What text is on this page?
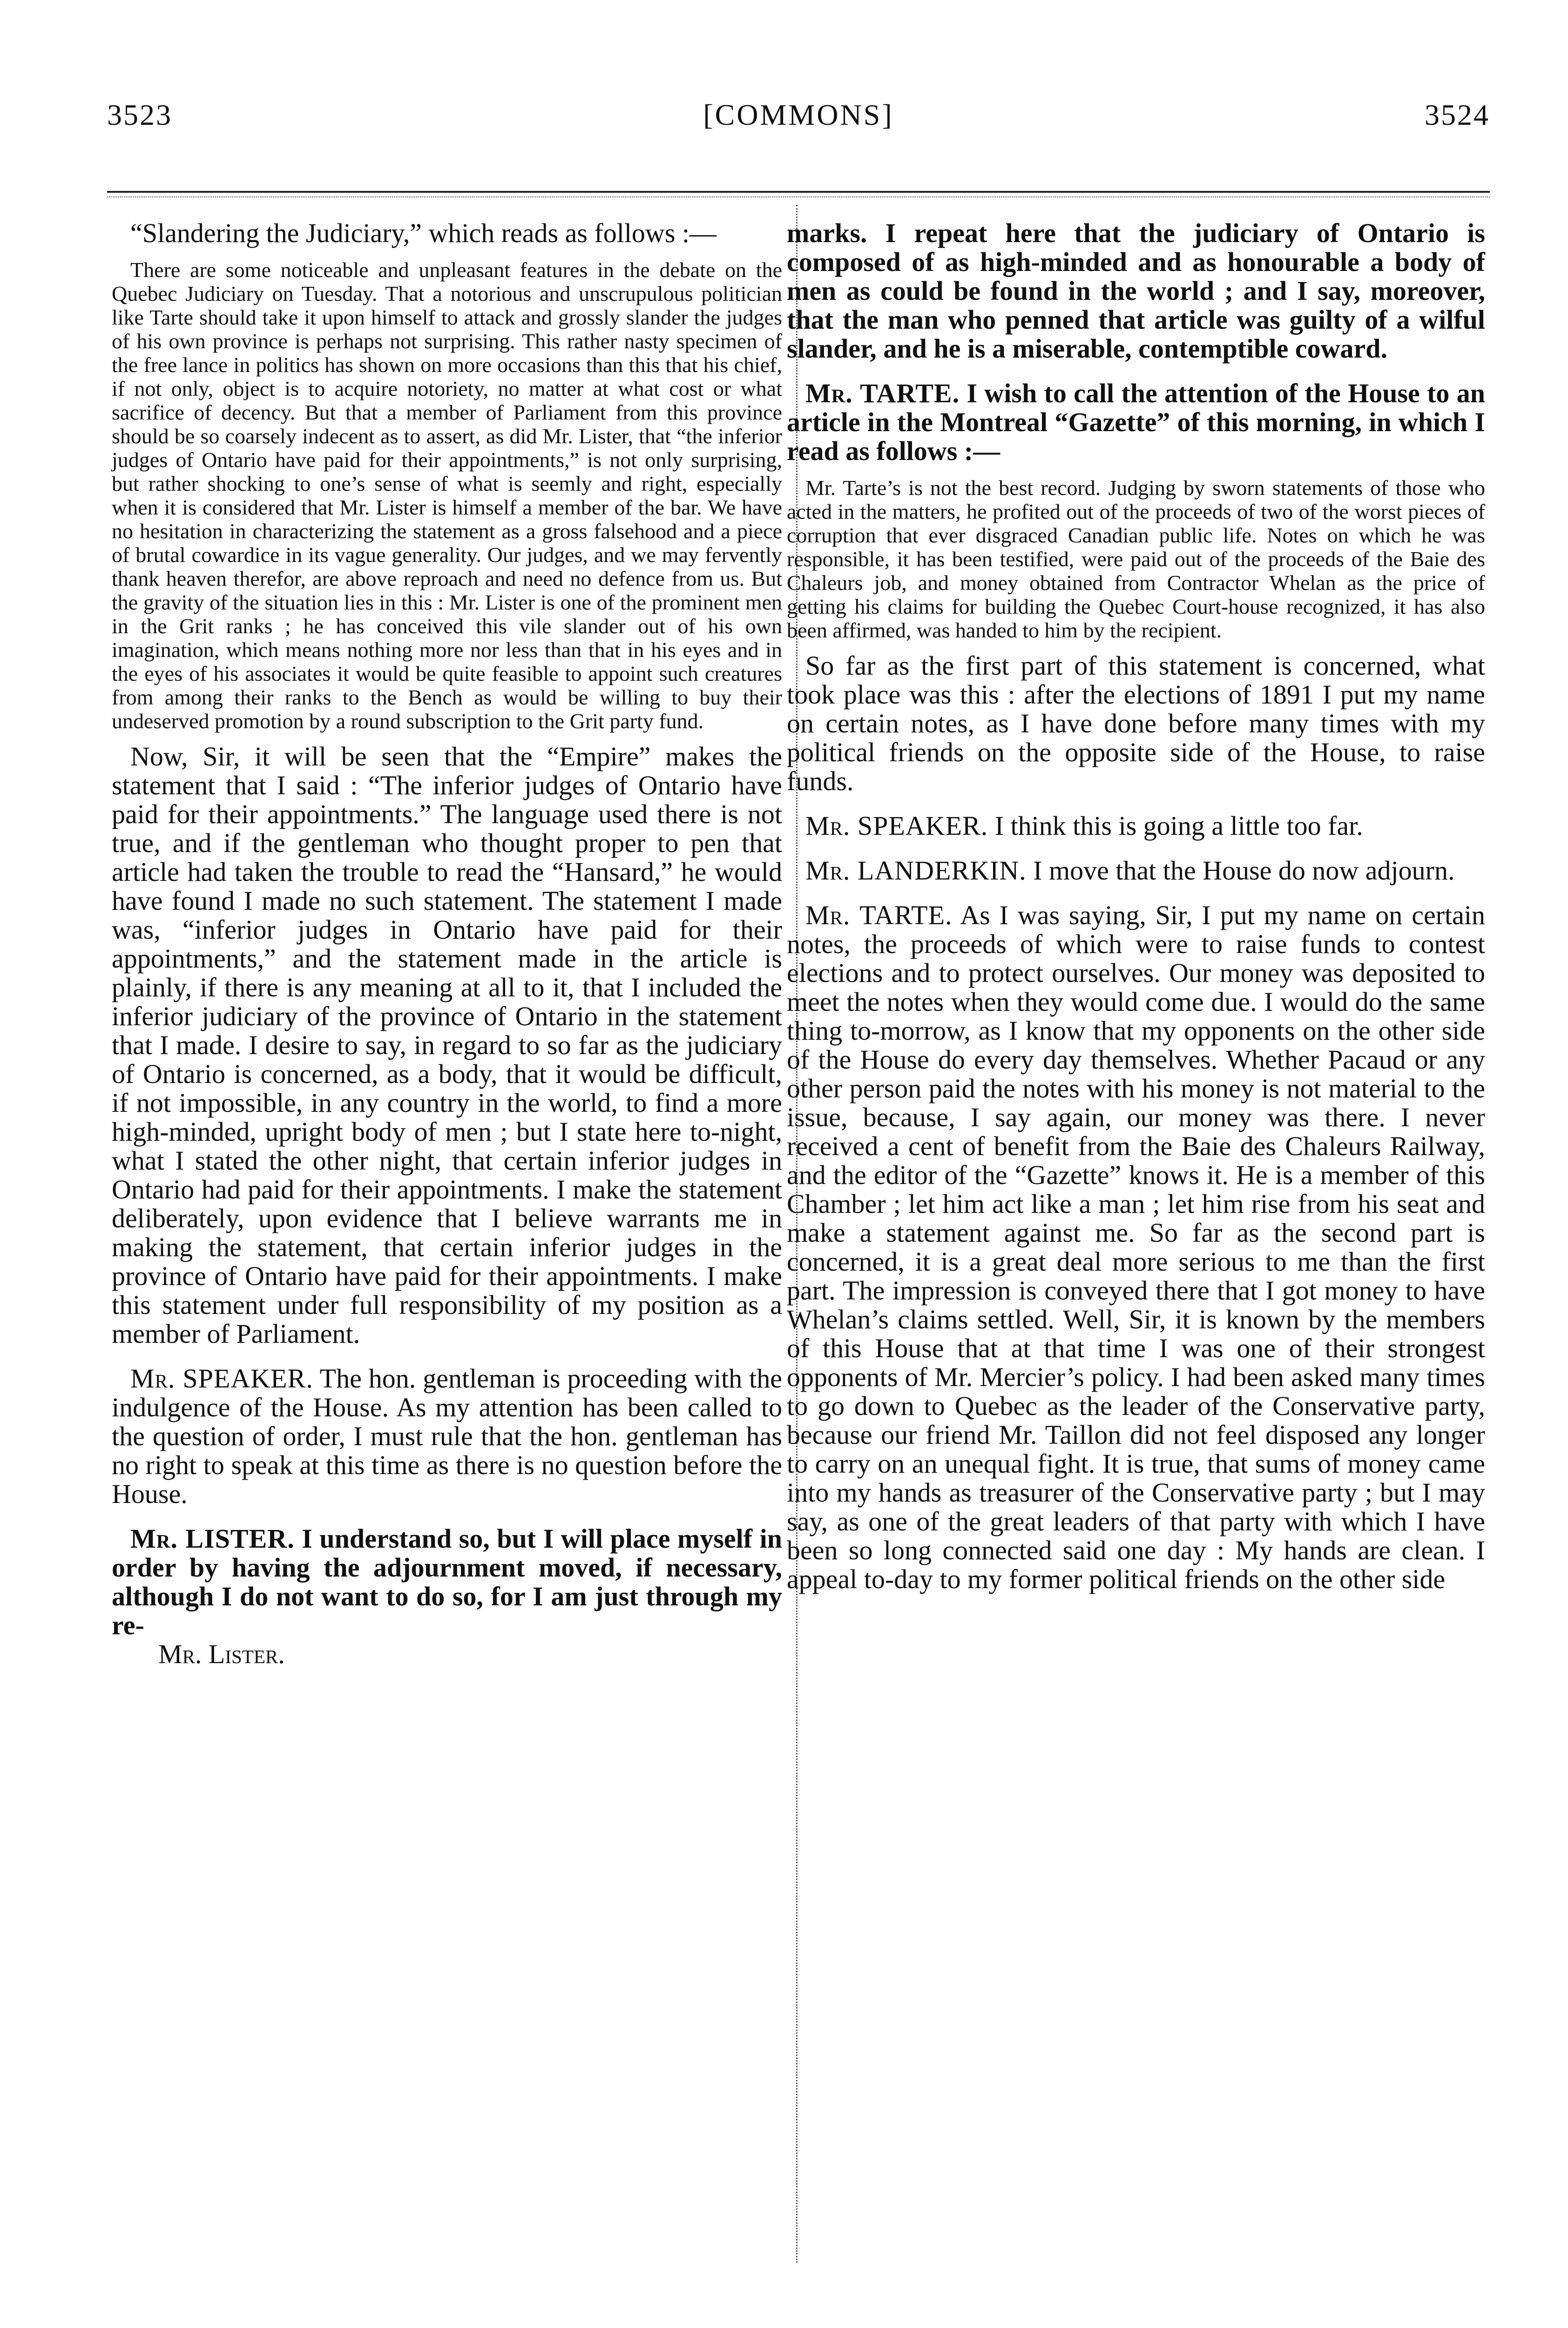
3523	[COMMONS]	3524

“Slandering the Judiciary,” which reads as follows :—

There are some noticeable and unpleasant features in the debate on the Quebec Judiciary on Tuesday. That a notorious and unscrupulous politician like Tarte should take it upon himself to attack and grossly slander the judges of his own province is perhaps not surprising. This rather nasty specimen of the free lance in politics has shown on more occasions than this that his chief, if not only, object is to acquire notoriety, no matter at what cost or what sacrifice of decency. But that a member of Parliament from this province should be so coarsely indecent as to assert, as did Mr. Lister, that “the inferior judges of Ontario have paid for their appointments,” is not only surprising, but rather shocking to one’s sense of what is seemly and right, especially when it is considered that Mr. Lister is himself a member of the bar. We have no hesitation in characterizing the statement as a gross falsehood and a piece of brutal cowardice in its vague generality. Our judges, and we may fervently thank heaven therefor, are above reproach and need no defence from us. But the gravity of the situation lies in this : Mr. Lister is one of the prominent men in the Grit ranks ; he has conceived this vile slander out of his own imagination, which means nothing more nor less than that in his eyes and in the eyes of his associates it would be quite feasible to appoint such creatures from among their ranks to the Bench as would be willing to buy their undeserved promotion by a round subscription to the Grit party fund.

Now, Sir, it will be seen that the “Empire” makes the statement that I said : “The inferior judges of Ontario have paid for their appointments.” The language used there is not true, and if the gentleman who thought proper to pen that article had taken the trouble to read the “Hansard,” he would have found I made no such statement. The statement I made was, “inferior judges in Ontario have paid for their appointments,” and the statement made in the article is plainly, if there is any meaning at all to it, that I included the inferior judiciary of the province of Ontario in the statement that I made. I desire to say, in regard to so far as the judiciary of Ontario is concerned, as a body, that it would be difficult, if not impossible, in any country in the world, to find a more high-minded, upright body of men ; but I state here to-night, what I stated the other night, that certain inferior judges in Ontario had paid for their appointments. I make the statement deliberately, upon evidence that I believe warrants me in making the statement, that certain inferior judges in the province of Ontario have paid for their appointments. I make this statement under full responsibility of my position as a member of Parliament.

Mr. SPEAKER. The hon. gentleman is proceeding with the indulgence of the House. As my attention has been called to the question of order, I must rule that the hon. gentleman has no right to speak at this time as there is no question before the House.

Mr. LISTER. I understand so, but I will place myself in order by having the adjournment moved, if necessary, although I do not want to do so, for I am just through my re-

Mr. Lister.

marks. I repeat here that the judiciary of Ontario is composed of as high-minded and as honourable a body of men as could be found in the world ; and I say, moreover, that the man who penned that article was guilty of a wilful slander, and he is a miserable, contemptible coward.

Mr. TARTE. I wish to call the attention of the House to an article in the Montreal “Gazette” of this morning, in which I read as follows :—

Mr. Tarte’s is not the best record. Judging by sworn statements of those who acted in the matters, he profited out of the proceeds of two of the worst pieces of corruption that ever disgraced Canadian public life. Notes on which he was responsible, it has been testified, were paid out of the proceeds of the Baie des Chaleurs job, and money obtained from Contractor Whelan as the price of getting his claims for building the Quebec Court-house recognized, it has also been affirmed, was handed to him by the recipient.

So far as the first part of this statement is concerned, what took place was this : after the elections of 1891 I put my name on certain notes, as I have done before many times with my political friends on the opposite side of the House, to raise funds.

Mr. SPEAKER. I think this is going a little too far.

Mr. LANDERKIN. I move that the House do now adjourn.

Mr. TARTE. As I was saying, Sir, I put my name on certain notes, the proceeds of which were to raise funds to contest elections and to protect ourselves. Our money was deposited to meet the notes when they would come due. I would do the same thing to-morrow, as I know that my opponents on the other side of the House do every day themselves. Whether Pacaud or any other person paid the notes with his money is not material to the issue, because, I say again, our money was there. I never received a cent of benefit from the Baie des Chaleurs Railway, and the editor of the “Gazette” knows it. He is a member of this Chamber ; let him act like a man ; let him rise from his seat and make a statement against me. So far as the second part is concerned, it is a great deal more serious to me than the first part. The impression is conveyed there that I got money to have Whelan’s claims settled. Well, Sir, it is known by the members of this House that at that time I was one of their strongest opponents of Mr. Mercier’s policy. I had been asked many times to go down to Quebec as the leader of the Conservative party, because our friend Mr. Taillon did not feel disposed any longer to carry on an unequal fight. It is true, that sums of money came into my hands as treasurer of the Conservative party ; but I may say, as one of the great leaders of that party with which I have been so long connected said one day : My hands are clean. I appeal to-day to my former political friends on the other side
